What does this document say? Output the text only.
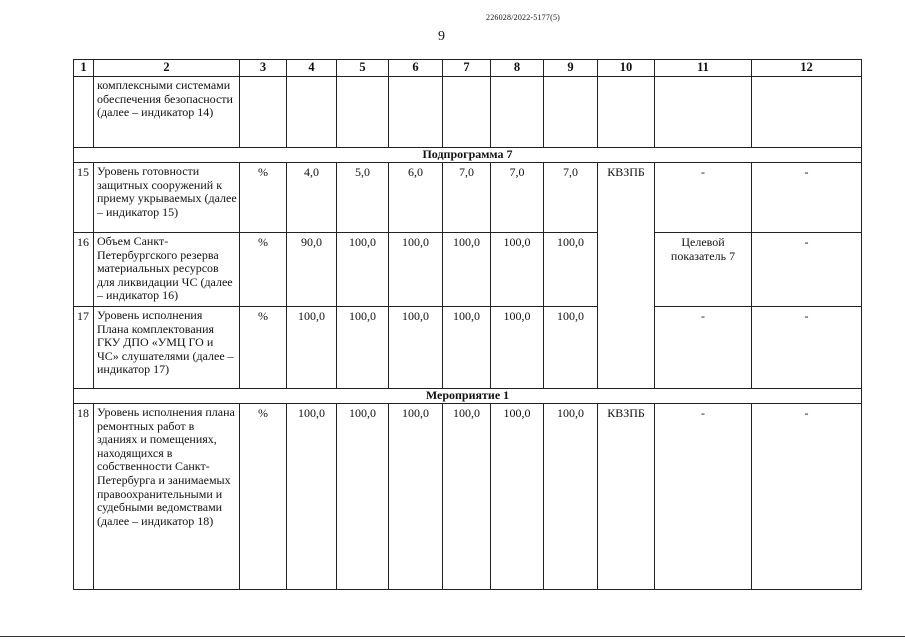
226028/2022-5177(5)
9
1	2	3	4	5	6	7	8	9	10	11	12
	комплексными системами обеспечения безопасности (далее – индикатор 14)										
Подпрограмма 7											
15	Уровень готовности защитных сооружений к приему укрываемых (далее – индикатор 15)	%	4,0	5,0	6,0	7,0	7,0	7,0	КВЗПБ	-	-
16	Объем Санкт-Петербургского резерва материальных ресурсов для ликвидации ЧС (далее – индикатор 16)	%	90,0	100,0	100,0	100,0	100,0	100,0		Целевой показатель 7	-
17	Уровень исполнения Плана комплектования ГКУ ДПО «УМЦ ГО и ЧС» слушателями (далее – индикатор 17)	%	100,0	100,0	100,0	100,0	100,0	100,0		-	-
Мероприятие 1											
18	Уровень исполнения плана ремонтных работ в зданиях и помещениях, находящихся в собственности Санкт-Петербурга и занимаемых правоохранительными и судебными ведомствами (далее – индикатор 18)	%	100,0	100,0	100,0	100,0	100,0	100,0	КВЗПБ	-	-
